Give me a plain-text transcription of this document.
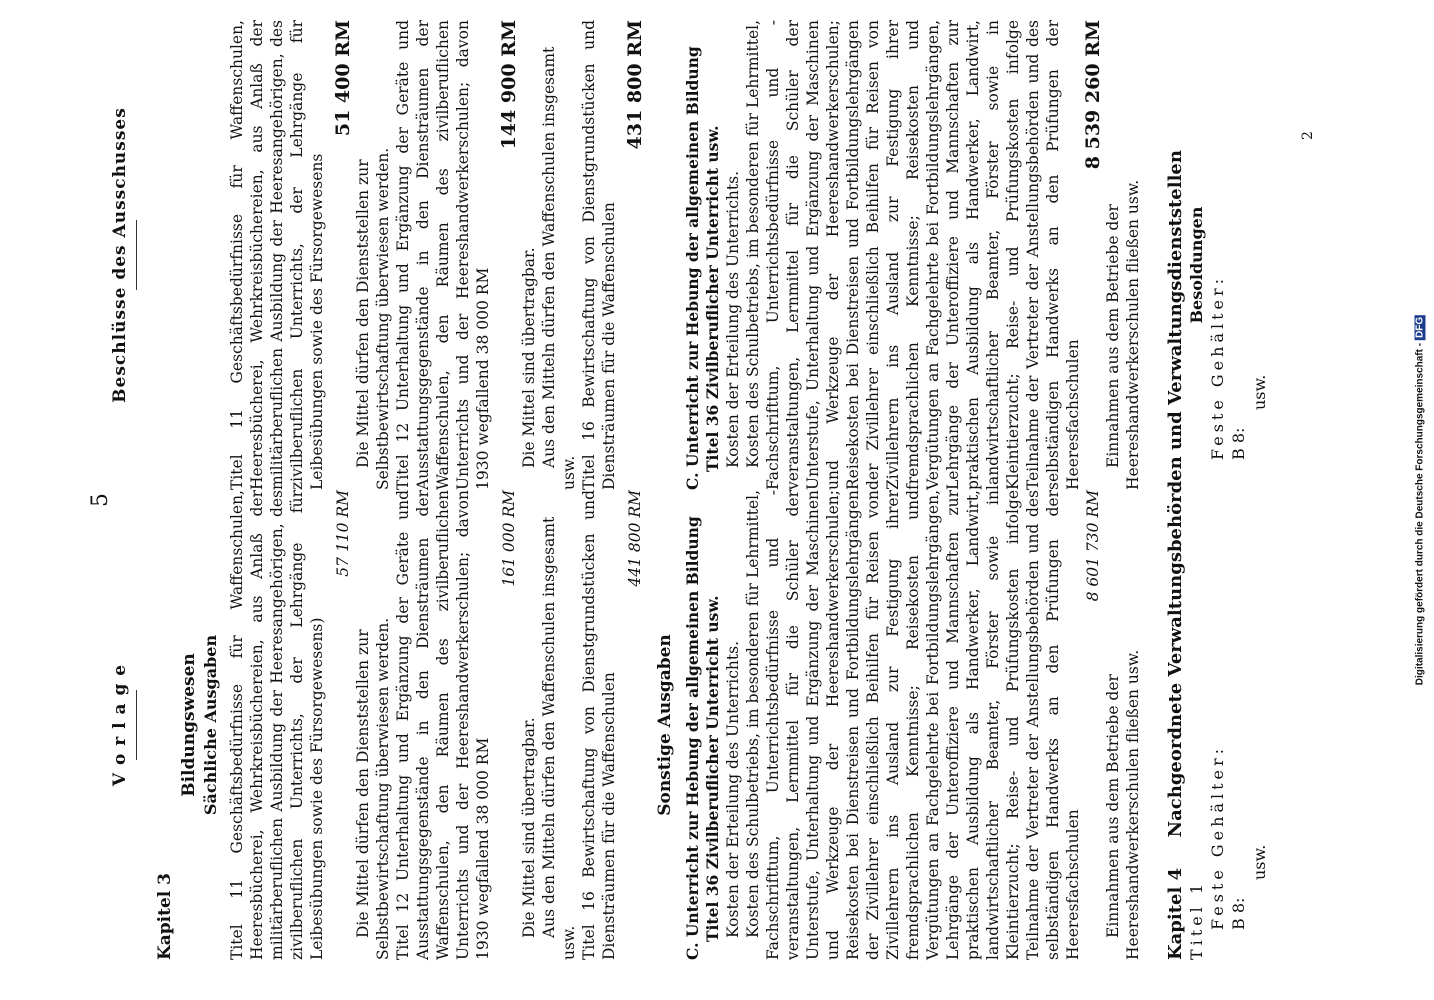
5
V o r l a g e
Kapitel 3
Bildungswesen Sächliche Ausgaben Titel 11 Geschäftsbedürfnisse für Waffenschulen, Heeresbücherei, Wehrkreisbüchereien, aus Anlaß der militärberuflichen Ausbildung der Heeresangehörigen, des zivilberuflichen Unterrichts, der Lehrgänge für Leibesübungen sowie des Fürsorgewesens)

57 110 RM

Die Mittel dürfen den Dienststellen zur Selbstbewirtschaftung überwiesen werden. Titel 12 Unterhaltung und Ergänzung der Geräte und Ausstattungsgegenstände in den Diensträumen der Waffenschulen, den Räumen des zivilberuflichen Unterrichts und der Heereshandwerkerschulen; davon 1930 wegfallend 38 000 RM

161 000 RM

Die Mittel sind übertragbar. Aus den Mitteln dürfen den Waffenschulen insgesamt usw. Titel 16 Bewirtschaftung von Dienstgrundstücken und Diensträumen für die Waffenschulen

441 800 RM
Sonstige Ausgaben C. Unterricht zur Hebung der allgemeinen Bildung Titel 36 Zivilberuflicher Unterricht usw. Kosten der Erteilung des Unterrichts. Kosten des Schulbetriebs, im besonderen für Lehrmittel, Fachschrifttum, Unterrichtsbedürfnisse und -veranstaltungen, Lernmittel für die Schüler der Unterstufe, Unterhaltung und Ergänzung der Maschinen und Werkzeuge der Heereshandwerkerschulen; Reisekosten bei Dienstreisen und Fortbildungslehrgängen der Zivillehrer einschließlich Beihilfen für Reisen von Zivillehrern ins Ausland zur Festigung ihrer fremdsprachlichen Kenntnisse; Reisekosten und Vergütungen an Fachgelehrte bei Fortbildungslehrgängen, Lehrgänge der Unteroffiziere und Mannschaften zur praktischen Ausbildung als Handwerker, Landwirt, landwirtschaftlicher Beamter, Förster sowie in Kleintierzucht; Reise- und Prüfungskosten infolge Teilnahme der Vertreter der Anstellungsbehörden und des selbständigen Handwerks an den Prüfungen der Heeresfachschulen

8 601 730 RM

Einnahmen aus dem Betriebe der Heereshandwerkerschulen fließen usw.

Beschlüsse des Ausschusses	Titel 11 Geschäftsbedürfnisse für Waffenschulen, Heeresbücherei, Wehrkreisbüchereien, aus Anlaß der militärberuflichen Ausbildung der Heeresangehörigen, des zivilberuflichen Unterrichts, der Lehrgänge für Leibesübungen sowie des Fürsorgewesens

51 400 RM

Die Mittel dürfen den Dienststellen zur Selbstbewirtschaftung überwiesen werden. Titel 12 Unterhaltung und Ergänzung der Geräte und Ausstattungsgegenstände in den Diensträumen der Waffenschulen, den Räumen des zivilberuflichen Unterrichts und der Heereshandwerkerschulen; davon 1930 wegfallend 38 000 RM

144 900 RM

Die Mittel sind übertragbar. Aus den Mitteln dürfen den Waffenschulen insgesamt usw. Titel 16 Bewirtschaftung von Dienstgrundstücken und Diensträumen für die Waffenschulen

431 800 RM C. Unterricht zur Hebung der allgemeinen Bildung Titel 36 Zivilberuflicher Unterricht usw. Kosten der Erteilung des Unterrichts. Kosten des Schulbetriebs, im besonderen für Lehrmittel, Fachschrifttum, Unterrichtsbedürfnisse und -veranstaltungen, Lernmittel für die Schüler der Unterstufe, Unterhaltung und Ergänzung der Maschinen und Werkzeuge der Heereshandwerkerschulen; Reisekosten bei Dienstreisen und Fortbildungslehrgängen der Zivillehrer einschließlich Beihilfen für Reisen von Zivillehrern ins Ausland zur Festigung ihrer fremdsprachlichen Kenntnisse; Reisekosten und Vergütungen an Fachgelehrte bei Fortbildungslehrgängen, Lehrgänge der Unteroffiziere und Mannschaften zur praktischen Ausbildung als Handwerker, Landwirt, landwirtschaftlicher Beamter, Förster sowie in Kleintierzucht; Reise- und Prüfungskosten infolge Teilnahme der Vertreter der Anstellungsbehörden und des selbständigen Handwerks an den Prüfungen der Heeresfachschulen

8 539 260 RM

Einnahmen aus dem Betriebe der Heereshandwerkerschulen fließen usw.

Kapitel 4      Nachgeordnete Verwaltungsbehörden und Verwaltungsdienststellen
Titel 1 Feste Gehälter: B 8:
usw.
Besoldungen
Feste Gehälter: B 8:
usw.
2
Digitalisierung gefördert durch die Deutsche Forschungsgemeinschaft -DFG
